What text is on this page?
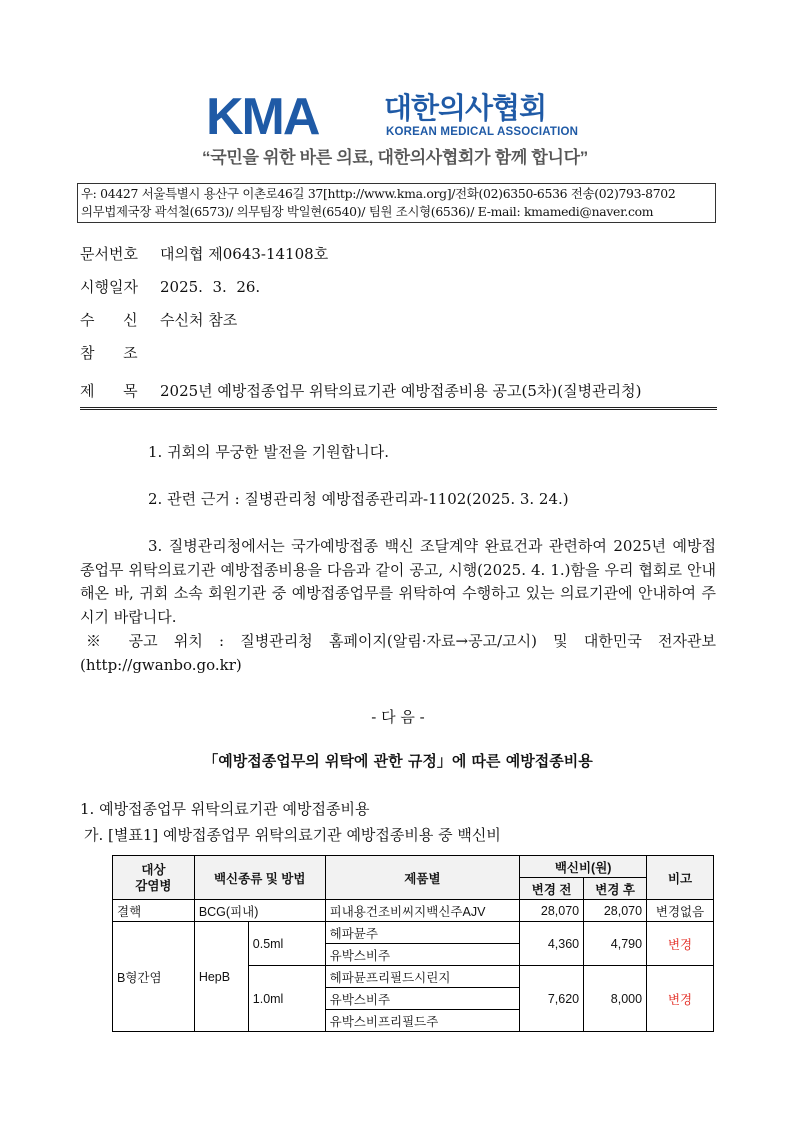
KMA 대한의사협회
KOREAN MEDICAL ASSOCIATION
“국민을 위한 바른 의료, 대한의사협회가 함께 합니다”
우: 04427 서울특별시 용산구 이촌로46길 37[http://www.kma.org]/전화(02)6350-6536 전송(02)793-8702
의무법제국장 곽석철(6573)/ 의무팀장 박일현(6540)/ 팀원 조시형(6536)/ E-mail: kmamedi@naver.com
문서번호 대의협 제0643-14108호
시행일자 2025.  3.  26.
수      신 수신처 참조
참      조
제      목 2025년 예방접종업무 위탁의료기관 예방접종비용 공고(5차)(질병관리청)
1. 귀회의 무궁한 발전을 기원합니다.
2. 관련 근거 : 질병관리청 예방접종관리과-1102(2025. 3. 24.)
3. 질병관리청에서는 국가예방접종 백신 조달계약 완료건과 관련하여 2025년 예방접종업무 위탁의료기관 예방접종비용을 다음과 같이 공고, 시행(2025. 4. 1.)함을 우리 협회로 안내해온 바, 귀회 소속 회원기관 중 예방접종업무를 위탁하여 수행하고 있는 의료기관에 안내하여 주시기 바랍니다.
※ 공고 위치 : 질병관리청 홈페이지(알림·자료→공고/고시) 및 대한민국 전자관보(http://gwanbo.go.kr)
- 다 음 -
「예방접종업무의 위탁에 관한 규정」에 따른 예방접종비용
1. 예방접종업무 위탁의료기관 예방접종비용
가. [별표1] 예방접종업무 위탁의료기관 예방접종비용 중 백신비
대상
감염병	백신종류 및 방법		제품별	백신비(원)		비고
				변경 전	변경 후	
결핵	BCG(피내)		피내용건조비씨지백신주AJV	28,070	28,070	변경없음
B형간염	HepB	0.5ml	헤파뮨주	4,360	4,790	변경
			유박스비주			
		1.0ml	헤파뮨프리필드시린지	7,620	8,000	변경
			유박스비주			
			유박스비프리필드주			
